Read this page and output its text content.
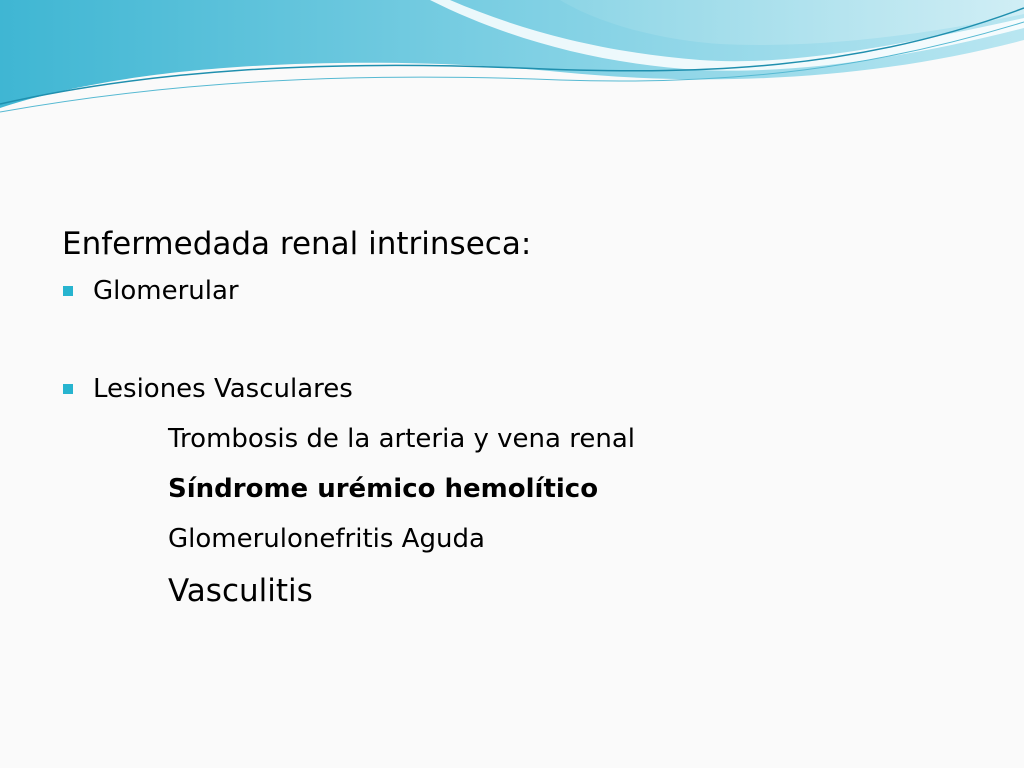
Enfermedada renal intrinseca:
Glomerular
Lesiones Vasculares
Trombosis de la arteria y vena renal
Síndrome urémico hemolítico
Glomerulonefritis Aguda
Vasculitis
